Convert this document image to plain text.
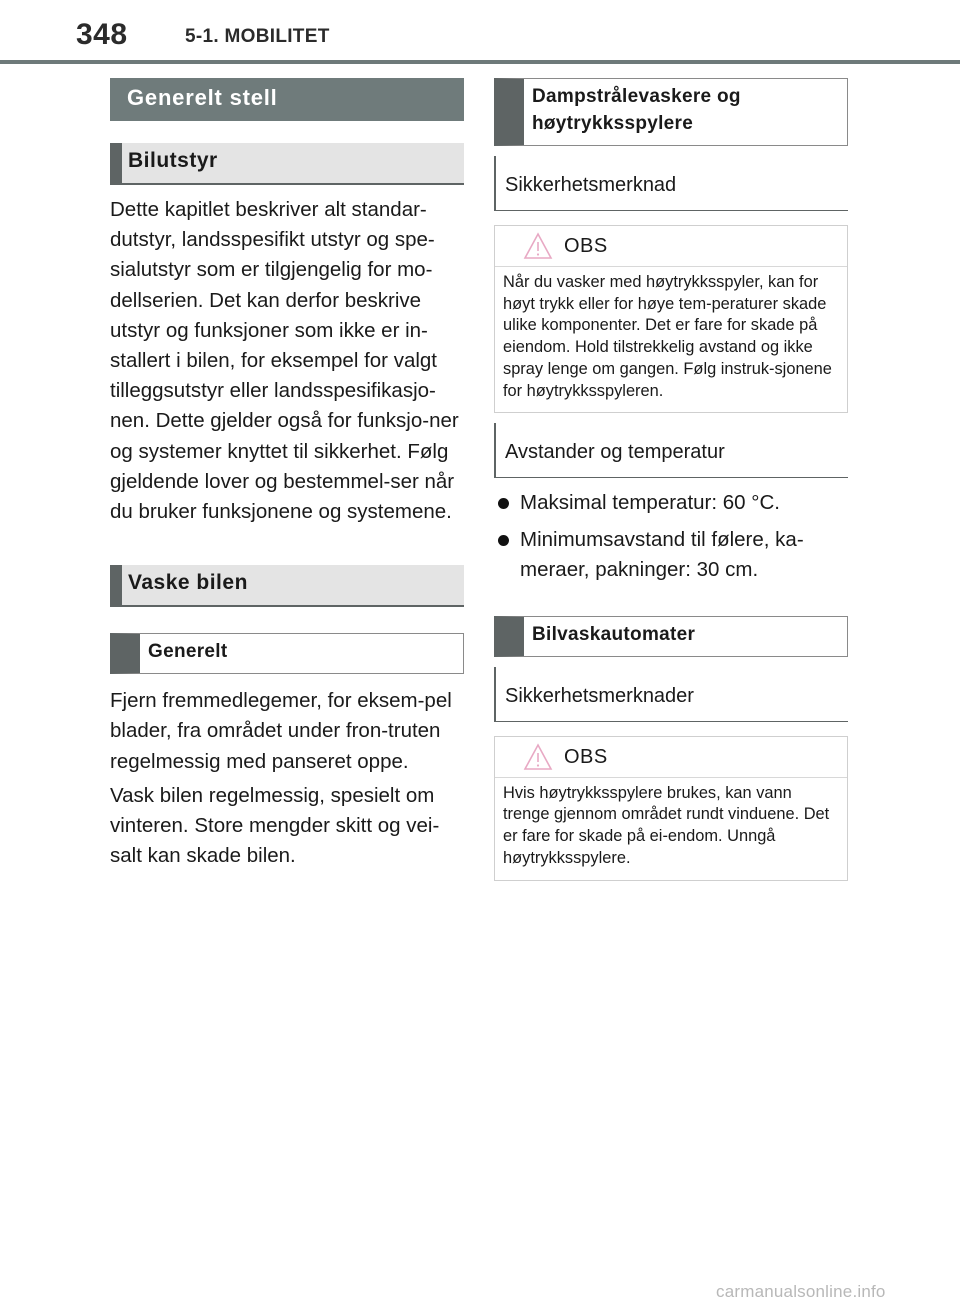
348	5-1. MOBILITET
Generelt stell
Bilutstyr

Dette kapitlet beskriver alt standar-dutstyr, landsspesifikt utstyr og spe-sialutstyr som er tilgjengelig for mo-dellserien. Det kan derfor beskrive utstyr og funksjoner som ikke er in-stallert i bilen, for eksempel for valgt tilleggsutstyr eller landsspesifikasjo-nen. Dette gjelder også for funksjo-ner og systemer knyttet til sikkerhet. Følg gjeldende lover og bestemmel-ser når du bruker funksjonene og systemene.

Vaske bilen
Generelt

Fjern fremmedlegemer, for eksem-pel blader, fra området under fron-truten regelmessig med panseret oppe.

Vask bilen regelmessig, spesielt om vinteren. Store mengder skitt og vei-salt kan skade bilen.

Dampstrålevaskere og høytrykksspylere
Sikkerhetsmerknad
OBS
Når du vasker med høytrykksspyler, kan for høyt trykk eller for høye tem-peraturer skade ulike komponenter. Det er fare for skade på eiendom. Hold tilstrekkelig avstand og ikke spray lenge om gangen. Følg instruk-sjonene for høytrykksspyleren.
Avstander og temperatur
Maksimal temperatur: 60 °C.
Minimumsavstand til følere, ka-meraer, pakninger: 30 cm.
Bilvaskautomater
Sikkerhetsmerknader
OBS
Hvis høytrykksspylere brukes, kan vann trenge gjennom området rundt vinduene. Det er fare for skade på ei-endom. Unngå høytrykksspylere.
carmanualsonline.info
